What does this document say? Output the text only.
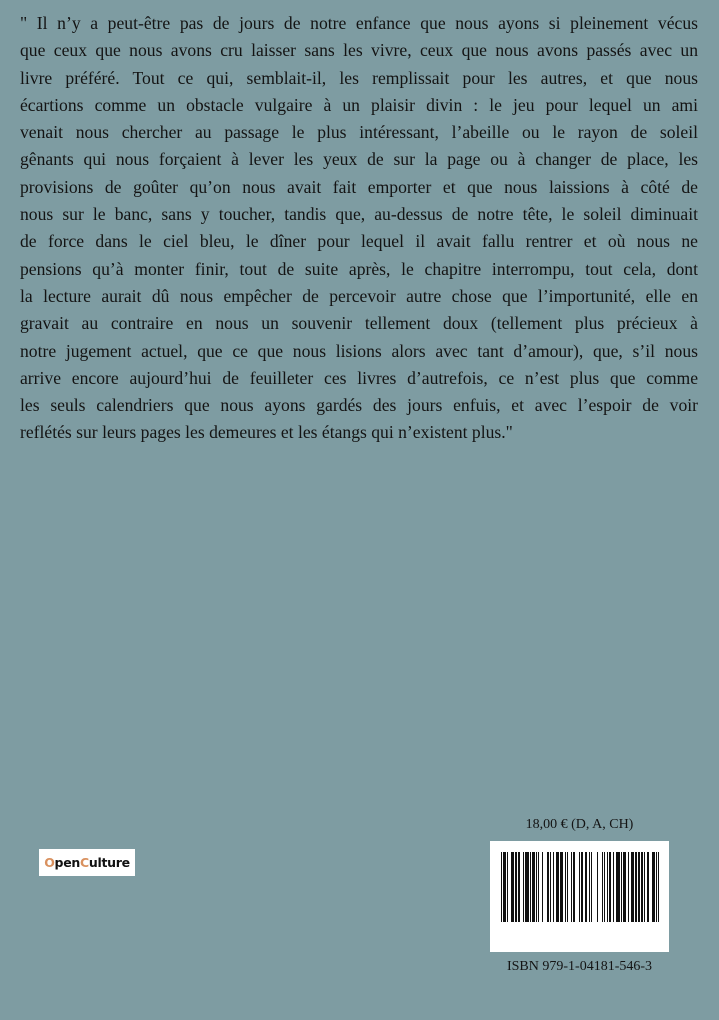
" Il n’y a peut-être pas de jours de notre enfance que nous ayons si pleinement vécus
que ceux que nous avons cru laisser sans les vivre, ceux que nous avons passés avec un
livre préféré. Tout ce qui, semblait-il, les remplissait pour les autres, et que nous
écartions comme un obstacle vulgaire à un plaisir divin : le jeu pour lequel un ami
venait nous chercher au passage le plus intéressant, l’abeille ou le rayon de soleil
gênants qui nous forçaient à lever les yeux de sur la page ou à changer de place, les
provisions de goûter qu’on nous avait fait emporter et que nous laissions à côté de
nous sur le banc, sans y toucher, tandis que, au-dessus de notre tête, le soleil diminuait
de force dans le ciel bleu, le dîner pour lequel il avait fallu rentrer et où nous ne
pensions qu’à monter finir, tout de suite après, le chapitre interrompu, tout cela, dont
la lecture aurait dû nous empêcher de percevoir autre chose que l’importunité, elle en
gravait au contraire en nous un souvenir tellement doux (tellement plus précieux à
notre jugement actuel, que ce que nous lisions alors avec tant d’amour), que, s’il nous
arrive encore aujourd’hui de feuilleter ces livres d’autrefois, ce n’est plus que comme
les seuls calendriers que nous ayons gardés des jours enfuis, et avec l’espoir de voir
reflétés sur leurs pages les demeures et les étangs qui n’existent plus."
O pen C ulture
18,00 € (D, A, CH)
ISBN 979-1-04181-546-3
